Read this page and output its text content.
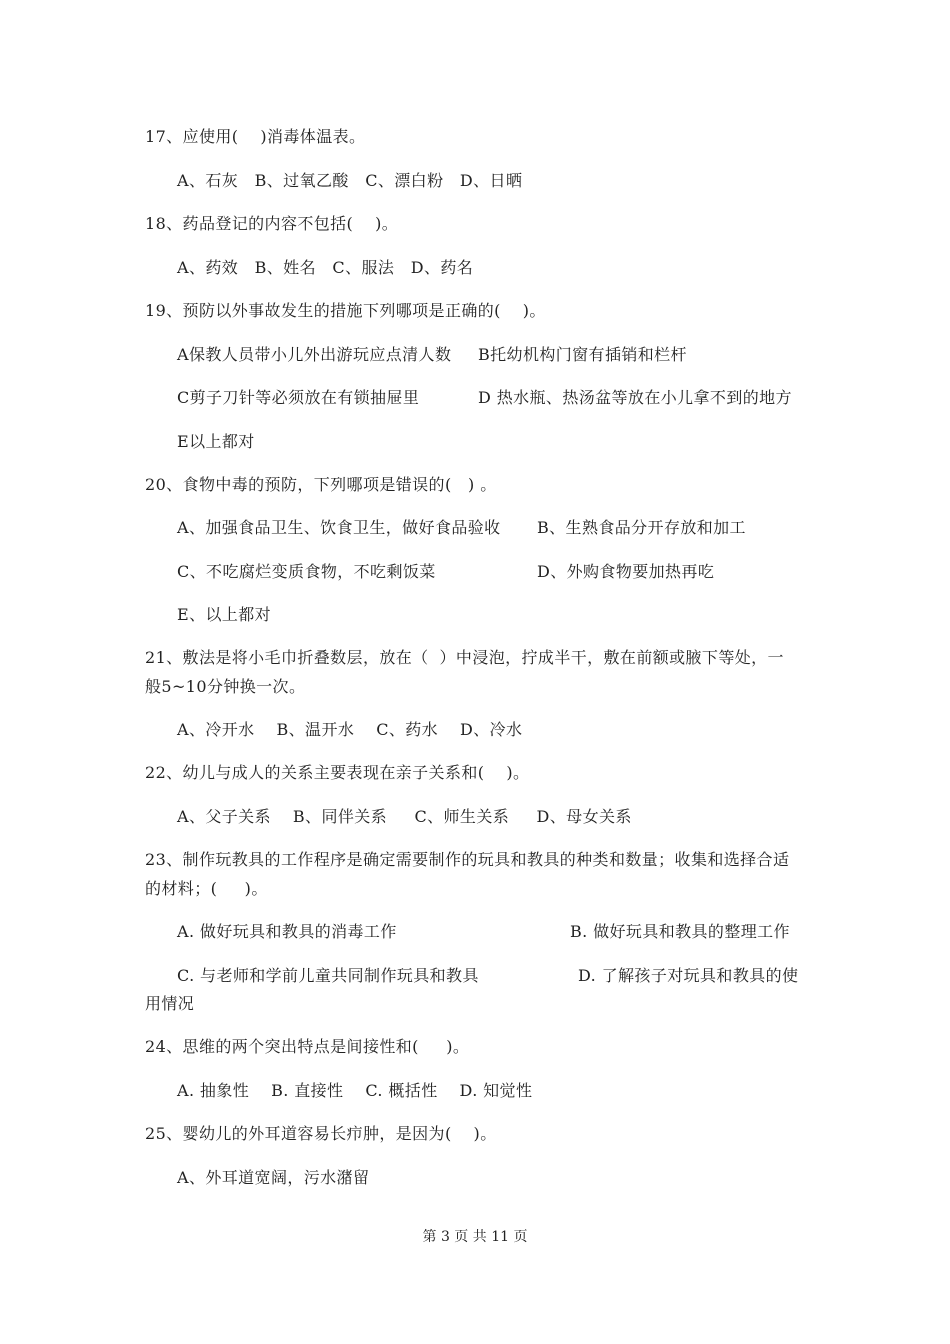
17、应使用(    )消毒体温表。
A、石灰   B、过氧乙酸   C、漂白粉   D、日晒
18、药品登记的内容不包括(    )。
A、药效   B、姓名   C、服法   D、药名
19、预防以外事故发生的措施下列哪项是正确的(    )。
A保教人员带小儿外出游玩应点清人数 B托幼机构门窗有插销和栏杆
C剪子刀针等必须放在有锁抽屉里	D 热水瓶、热汤盆等放在小儿拿不到的地方
E以上都对
20、食物中毒的预防，下列哪项是错误的(   ) 。
A、加强食品卫生、饮食卫生，做好食品验收 B、生熟食品分开存放和加工
C、不吃腐烂变质食物，不吃剩饭菜	D、外购食物要加热再吃
E、以上都对
21、敷法是将小毛巾折叠数层，放在（  ）中浸泡，拧成半干，敷在前额或腋下等处，一
般5~10分钟换一次。
A、冷开水    B、温开水    C、药水    D、冷水
22、幼儿与成人的关系主要表现在亲子关系和(    )。
A、父子关系    B、同伴关系     C、师生关系     D、母女关系
23、制作玩教具的工作程序是确定需要制作的玩具和教具的种类和数量；收集和选择合适
的材料；(     )。
A. 做好玩具和教具的消毒工作	B. 做好玩具和教具的整理工作
C. 与老师和学前儿童共同制作玩具和教具	D. 了解孩子对玩具和教具的使
用情况
24、思维的两个突出特点是间接性和(     )。
A. 抽象性    B. 直接性    C. 概括性    D. 知觉性
25、婴幼儿的外耳道容易长疖肿，是因为(    )。
A、外耳道宽阔，污水潴留
第 3 页 共 11 页
